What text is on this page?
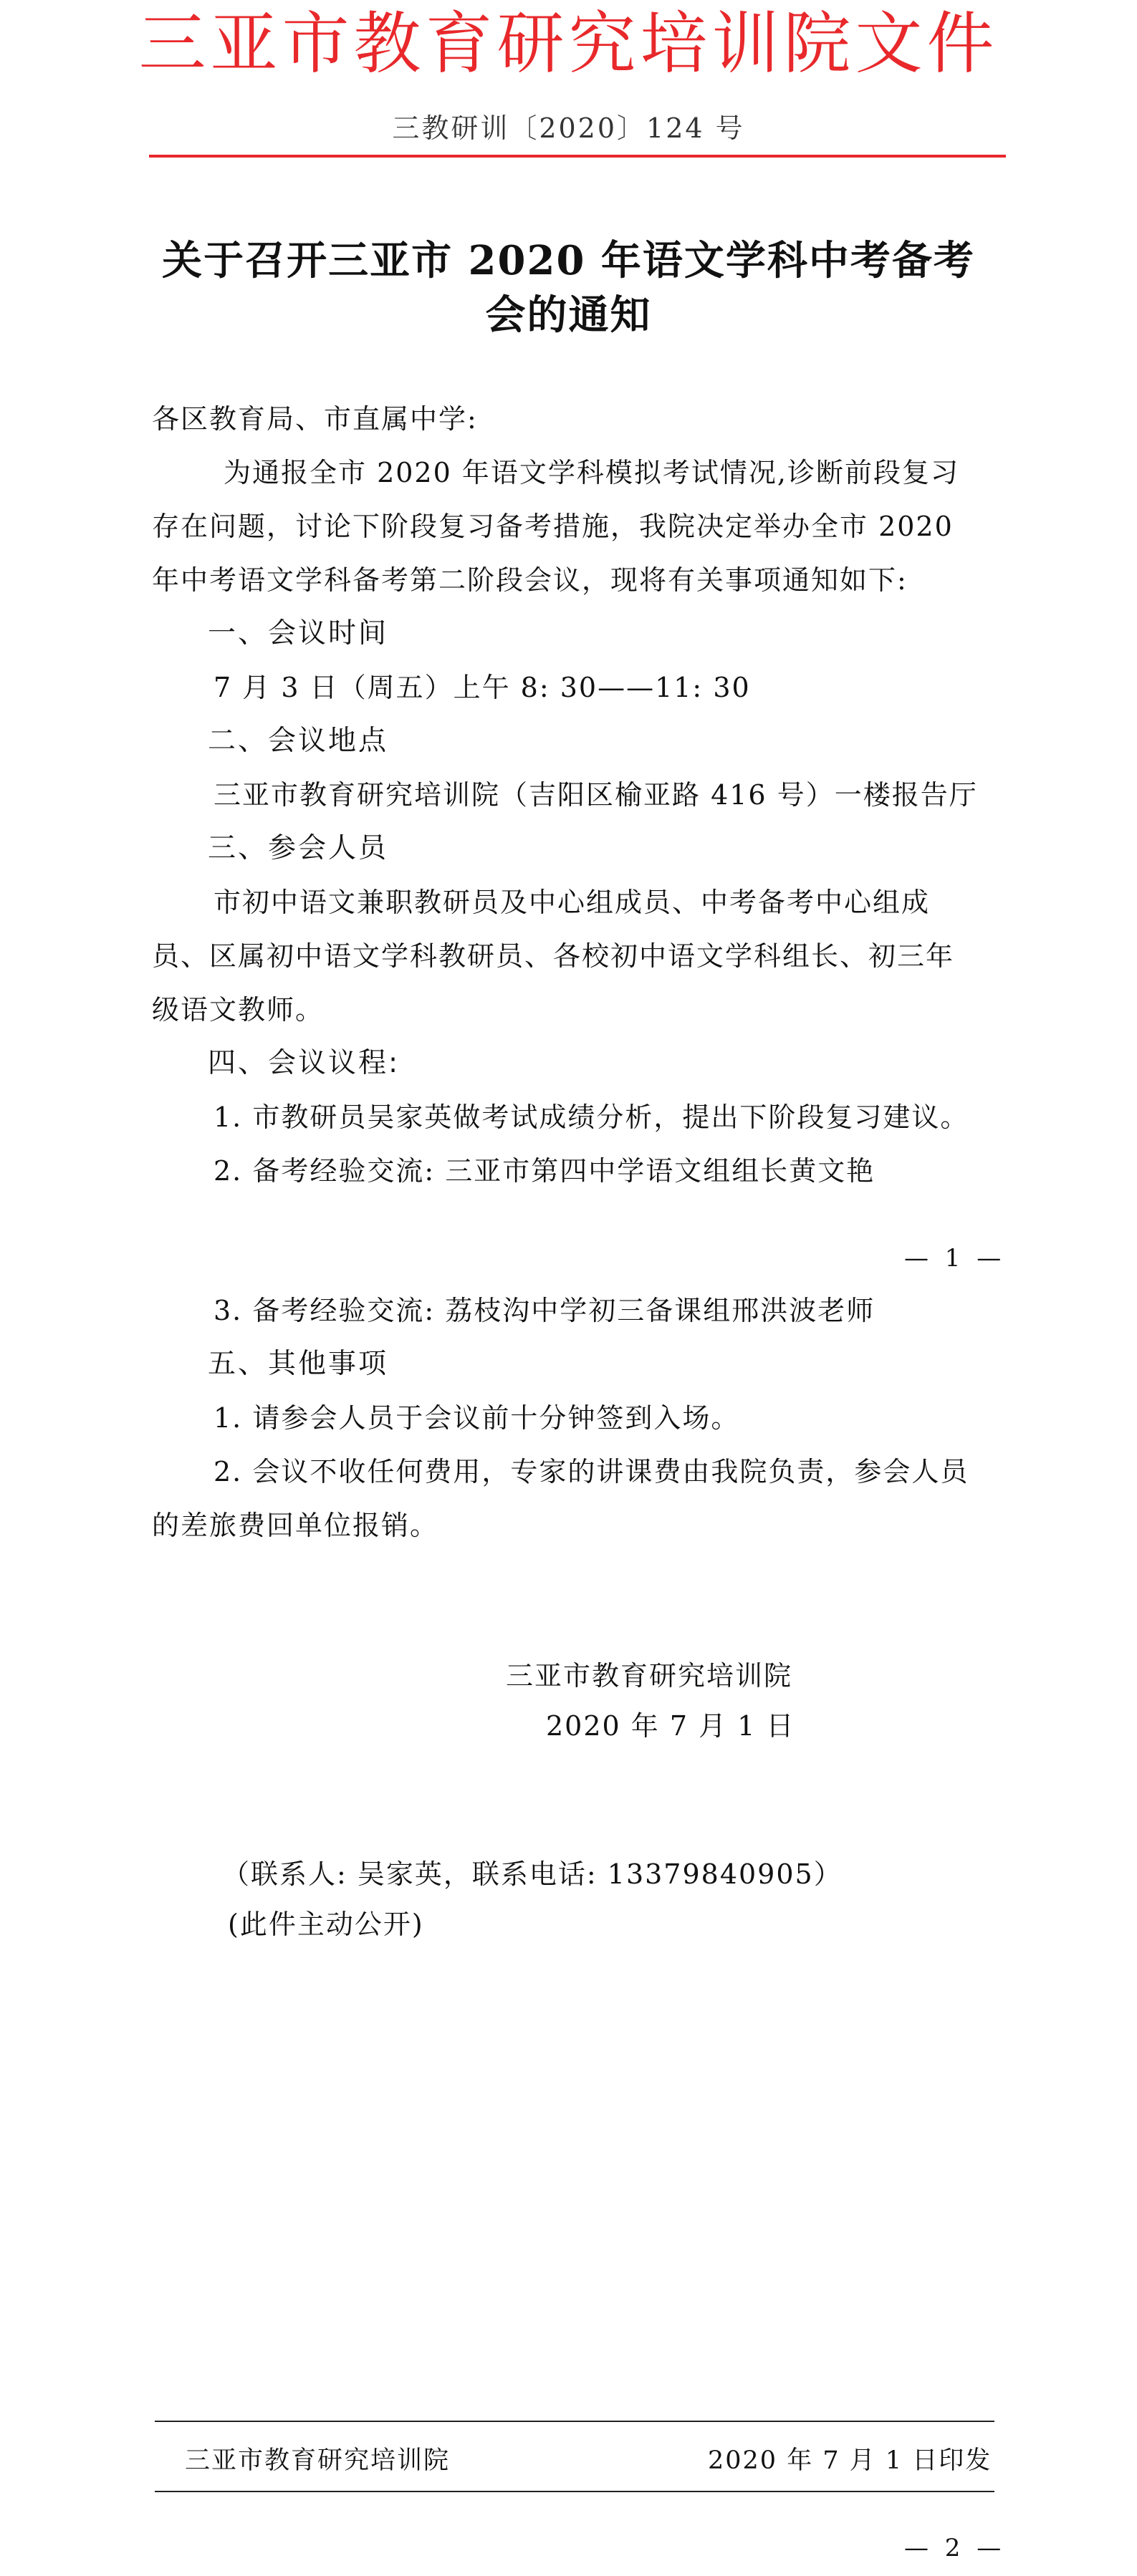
三亚市教育研究培训院文件
三教研训〔2020〕124 号
关于召开三亚市 2020 年语文学科中考备考
会的通知
各区教育局、市直属中学:
为通报全市 2020 年语文学科模拟考试情况,诊断前段复习
存在问题，讨论下阶段复习备考措施，我院决定举办全市 2020
年中考语文学科备考第二阶段会议，现将有关事项通知如下:
一、会议时间
7 月 3 日（周五）上午 8: 30——11: 30
二、会议地点
三亚市教育研究培训院（吉阳区榆亚路 416 号）一楼报告厅
三、参会人员
市初中语文兼职教研员及中心组成员、中考备考中心组成
员、区属初中语文学科教研员、各校初中语文学科组长、初三年
级语文教师。
四、会议议程:
1. 市教研员吴家英做考试成绩分析，提出下阶段复习建议。
2. 备考经验交流: 三亚市第四中学语文组组长黄文艳
— 1 —
3. 备考经验交流: 荔枝沟中学初三备课组邢洪波老师
五、其他事项
1. 请参会人员于会议前十分钟签到入场。
2. 会议不收任何费用，专家的讲课费由我院负责，参会人员
的差旅费回单位报销。
三亚市教育研究培训院
2020 年 7 月 1 日
（联系人: 吴家英，联系电话: 13379840905）
(此件主动公开)
三亚市教育研究培训院	2020 年 7 月 1 日印发
— 2 —
